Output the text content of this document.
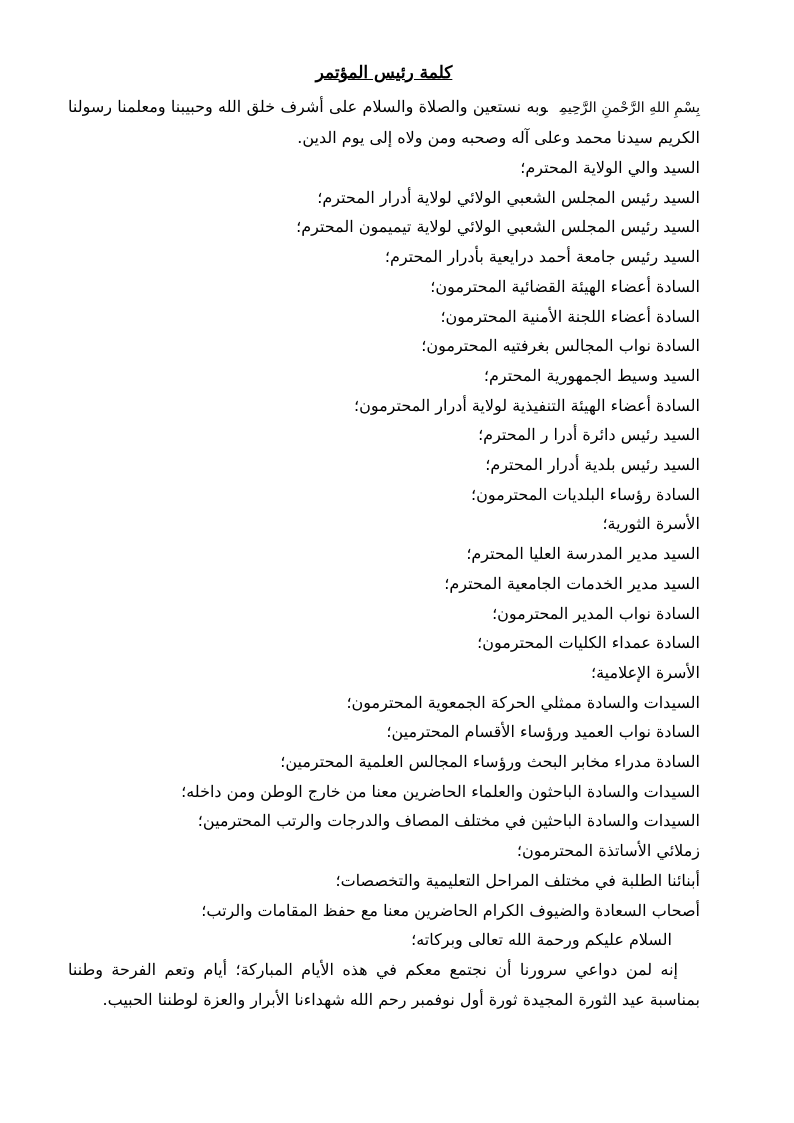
كلمة رئيس المؤتمر

بِسْمِ اللهِ الرَّحْمنِ الرَّحِيمِوبه نستعين والصلاة والسلام على أشرف خلق الله وحبيبنا ومعلمنا رسولنا الكريم سيدنا محمد وعلى آله وصحبه ومن ولاه إلى يوم الدين.

السيد والي الولاية المحترم؛
السيد رئيس المجلس الشعبي الولائي لولاية أدرار المحترم؛
السيد رئيس المجلس الشعبي الولائي لولاية تيميمون المحترم؛
السيد رئيس جامعة أحمد درايعية بأدرار المحترم؛
السادة أعضاء الهيئة القضائية المحترمون؛
السادة أعضاء اللجنة الأمنية المحترمون؛
السادة نواب المجالس بغرفتيه المحترمون؛
السيد وسيط الجمهورية المحترم؛
السادة أعضاء الهيئة التنفيذية لولاية أدرار المحترمون؛
السيد رئيس دائرة أدرا ر المحترم؛
السيد رئيس بلدية أدرار المحترم؛
السادة رؤساء البلديات المحترمون؛
الأسرة الثورية؛
السيد مدير المدرسة العليا المحترم؛
السيد مدير الخدمات الجامعية المحترم؛
السادة نواب المدير المحترمون؛
السادة عمداء الكليات المحترمون؛
الأسرة الإعلامية؛
السيدات والسادة ممثلي الحركة الجمعوية المحترمون؛
السادة نواب العميد ورؤساء الأقسام المحترمين؛
السادة مدراء مخابر البحث ورؤساء المجالس العلمية المحترمين؛
السيدات والسادة الباحثون والعلماء الحاضرين معنا من خارج الوطن ومن داخله؛
السيدات والسادة الباحثين في مختلف المصاف والدرجات والرتب المحترمين؛
زملائي الأساتذة المحترمون؛
أبنائنا الطلبة في مختلف المراحل التعليمية والتخصصات؛
أصحاب السعادة والضيوف الكرام الحاضرين معنا مع حفظ المقامات والرتب؛
السلام عليكم ورحمة الله تعالى وبركاته؛

إنه لمن دواعي سرورنا أن نجتمع معكم في هذه الأيام المباركة؛ أيام وتعم الفرحة وطننا بمناسبة عيد الثورة المجيدة ثورة أول نوفمبر رحم الله شهداءنا الأبرار والعزة لوطننا الحبيب.
